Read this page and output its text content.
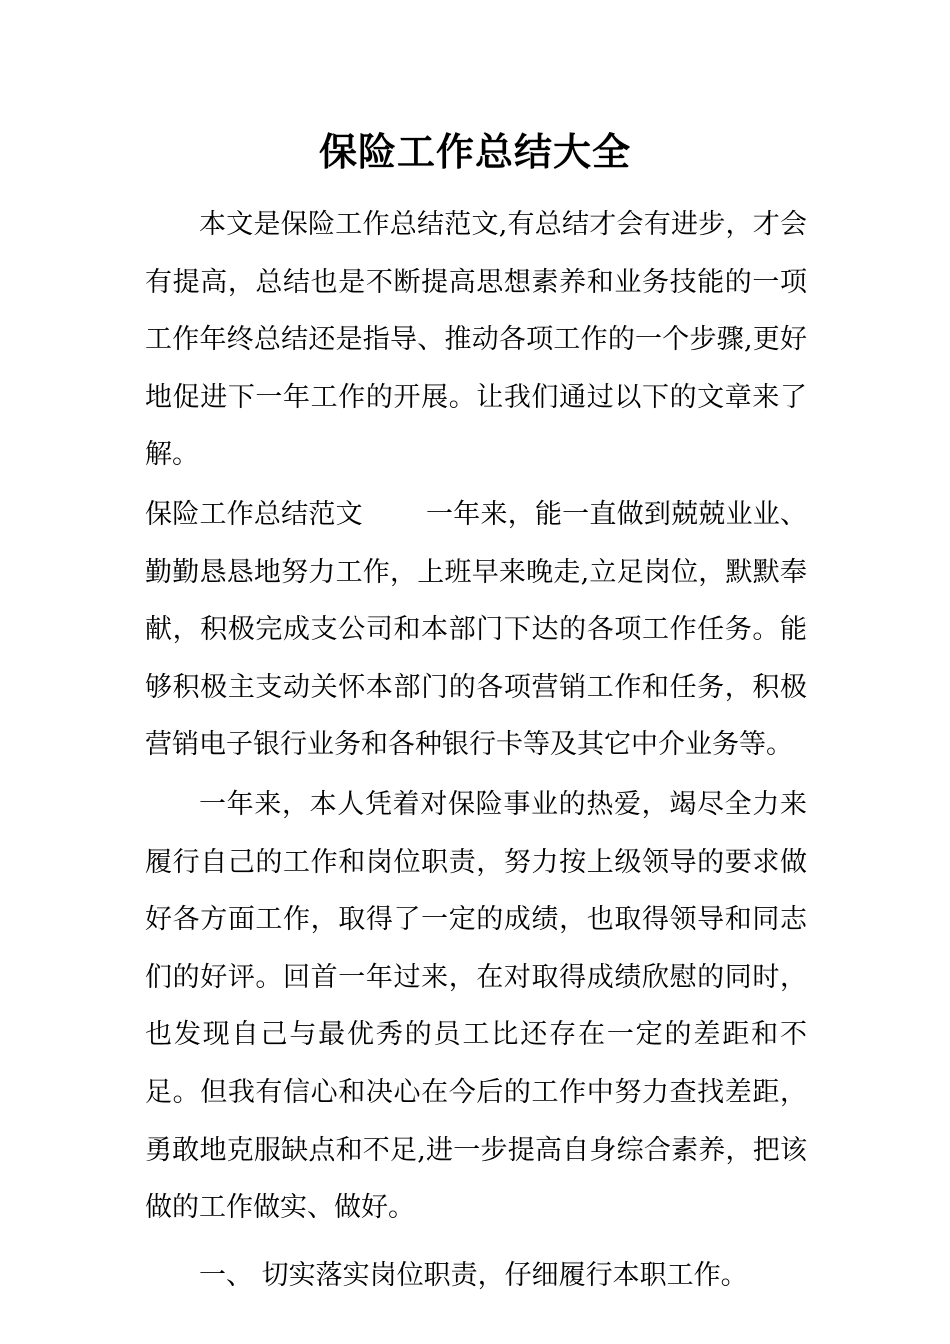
保险工作总结大全

本文是保险工作总结范文,有总结才会有进步，才会有提高，总结也是不断提高思想素养和业务技能的一项工作年终总结还是指导、推动各项工作的一个步骤,更好地促进下一年工作的开展。让我们通过以下的文章来了解。

保险工作总结范文　　 一年来，能一直做到兢兢业业、勤勤恳恳地努力工作，上班早来晚走,立足岗位，默默奉献，积极完成支公司和本部门下达的各项工作任务。能够积极主支动关怀本部门的各项营销工作和任务，积极营销电子银行业务和各种银行卡等及其它中介业务等。

一年来，本人凭着对保险事业的热爱，竭尽全力来履行自己的工作和岗位职责，努力按上级领导的要求做好各方面工作，取得了一定的成绩，也取得领导和同志们的好评。回首一年过来，在对取得成绩欣慰的同时，也发现自己与最优秀的员工比还存在一定的差距和不足。但我有信心和决心在今后的工作中努力查找差距，勇敢地克服缺点和不足,进一步提高自身综合素养，把该做的工作做实、做好。

一、 切实落实岗位职责，仔细履行本职工作。
